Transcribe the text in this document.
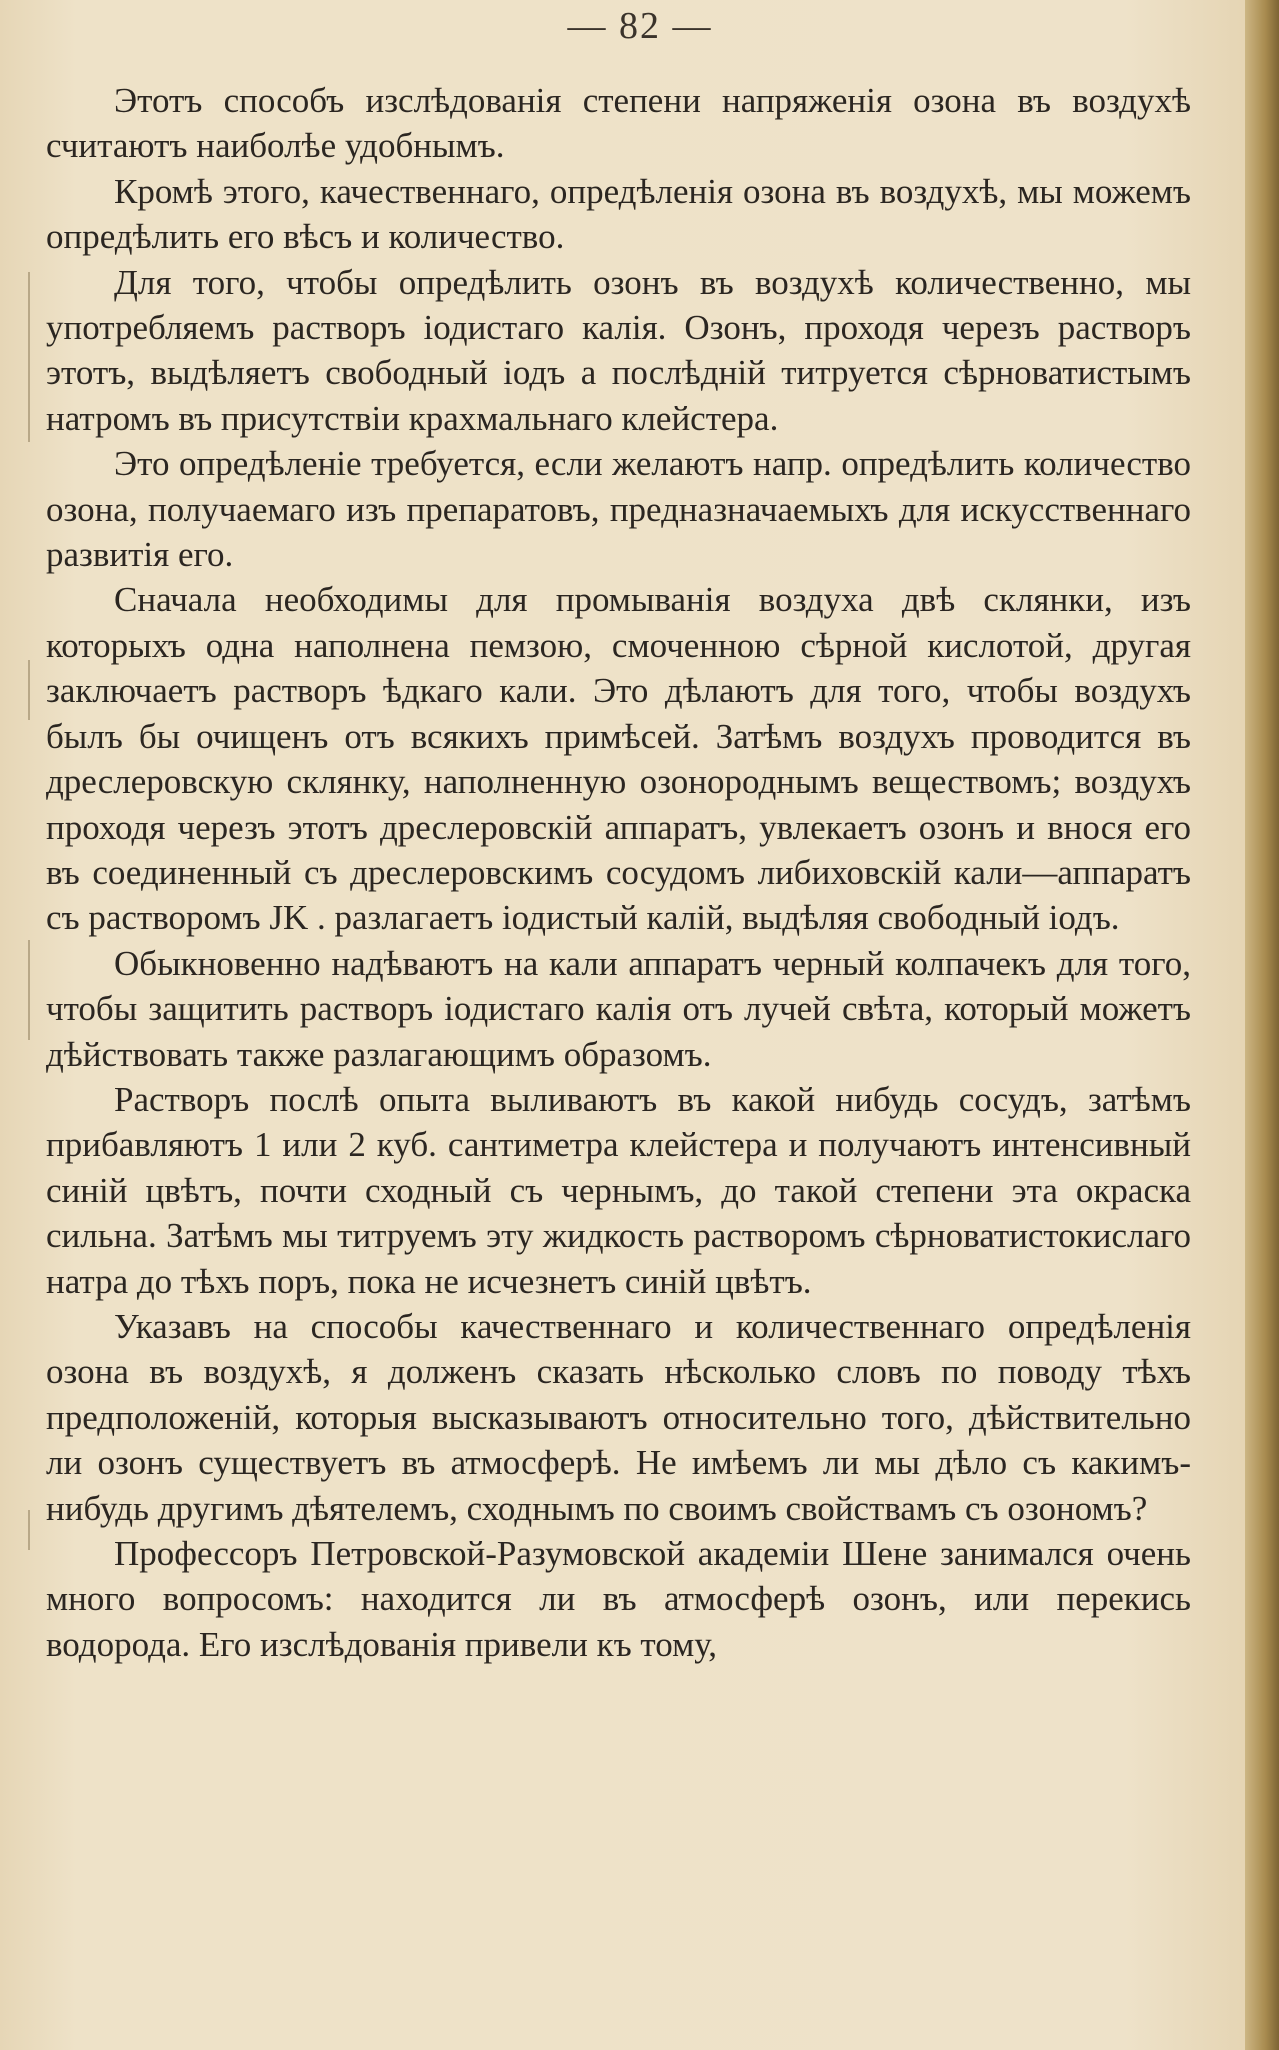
— 82 —

Этотъ способъ изслѣдованія степени напряженія озона въ воздухѣ считаютъ наиболѣе удобнымъ.

Кромѣ этого, качественнаго, опредѣленія озона въ воздухѣ, мы можемъ опредѣлить его вѣсъ и количество.

Для того, чтобы опредѣлить озонъ въ воздухѣ количественно, мы употребляемъ растворъ іодистаго калія. Озонъ, проходя черезъ растворъ этотъ, выдѣляетъ свободный іодъ а послѣдній титруется сѣрноватистымъ натромъ въ присутствіи крахмальнаго клейстера.

Это опредѣленіе требуется, если желаютъ напр. опредѣлить количество озона, получаемаго изъ препаратовъ, предназначаемыхъ для искусственнаго развитія его.

Сначала необходимы для промыванія воздуха двѣ склянки, изъ которыхъ одна наполнена пемзою, смоченною сѣрной кислотой, другая заключаетъ растворъ ѣдкаго кали. Это дѣлаютъ для того, чтобы воздухъ былъ бы очищенъ отъ всякихъ примѣсей. Затѣмъ воздухъ проводится въ дреслеровскую склянку, наполненную озонороднымъ веществомъ; воздухъ проходя черезъ этотъ дреслеровскій аппаратъ, увлекаетъ озонъ и внося его въ соединенный съ дреслеровскимъ сосудомъ либиховскій кали—аппаратъ съ растворомъ JK . разлагаетъ іодистый калій, выдѣляя свободный іодъ.

Обыкновенно надѣваютъ на кали аппаратъ черный колпачекъ для того, чтобы защитить растворъ іодистаго калія отъ лучей свѣта, который можетъ дѣйствовать также разлагающимъ образомъ.

Растворъ послѣ опыта выливаютъ въ какой нибудь сосудъ, затѣмъ прибавляютъ 1 или 2 куб. сантиметра клейстера и получаютъ интенсивный синій цвѣтъ, почти сходный съ чернымъ, до такой степени эта окраска сильна. Затѣмъ мы титруемъ эту жидкость растворомъ сѣрноватистокислаго натра до тѣхъ поръ, пока не исчезнетъ синій цвѣтъ.

Указавъ на способы качественнаго и количественнаго опредѣленія озона въ воздухѣ, я долженъ сказать нѣсколько словъ по поводу тѣхъ предположеній, которыя высказываютъ относительно того, дѣйствительно ли озонъ существуетъ въ атмосферѣ. Не имѣемъ ли мы дѣло съ какимъ-нибудь другимъ дѣятелемъ, сходнымъ по своимъ свойствамъ съ озономъ?

Профессоръ Петровской-Разумовской академіи Шене занимался очень много вопросомъ: находится ли въ атмосферѣ озонъ, или перекись водорода. Его изслѣдованія привели къ тому,
